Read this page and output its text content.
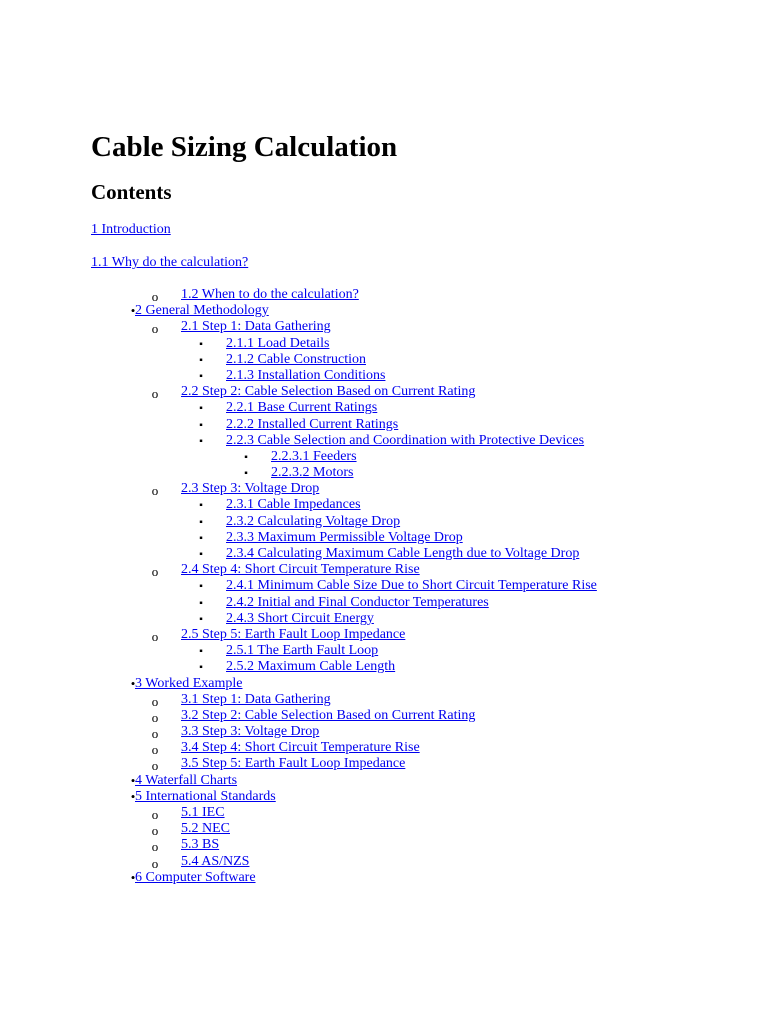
Cable Sizing Calculation
Contents
1 Introduction
1.1 Why do the calculation?
o 1.2 When to do the calculation?
• 2 General Methodology
o 2.1 Step 1: Data Gathering
▪	2.1.1 Load Details
▪	2.1.2 Cable Construction
▪	2.1.3 Installation Conditions
o 2.2 Step 2: Cable Selection Based on Current Rating
▪	2.2.1 Base Current Ratings
▪	2.2.2 Installed Current Ratings
▪	2.2.3 Cable Selection and Coordination with Protective Devices
▪	2.2.3.1 Feeders
▪	2.2.3.2 Motors
o 2.3 Step 3: Voltage Drop
▪	2.3.1 Cable Impedances
▪	2.3.2 Calculating Voltage Drop
▪	2.3.3 Maximum Permissible Voltage Drop
▪	2.3.4 Calculating Maximum Cable Length due to Voltage Drop
o 2.4 Step 4: Short Circuit Temperature Rise
▪	2.4.1 Minimum Cable Size Due to Short Circuit Temperature Rise
▪	2.4.2 Initial and Final Conductor Temperatures
▪	2.4.3 Short Circuit Energy
o 2.5 Step 5: Earth Fault Loop Impedance
▪	2.5.1 The Earth Fault Loop
▪	2.5.2 Maximum Cable Length
• 3 Worked Example
o 3.1 Step 1: Data Gathering
o 3.2 Step 2: Cable Selection Based on Current Rating
o 3.3 Step 3: Voltage Drop
o 3.4 Step 4: Short Circuit Temperature Rise
o 3.5 Step 5: Earth Fault Loop Impedance
• 4 Waterfall Charts
• 5 International Standards
o 5.1 IEC
o 5.2 NEC
o 5.3 BS
o 5.4 AS/NZS
• 6 Computer Software
